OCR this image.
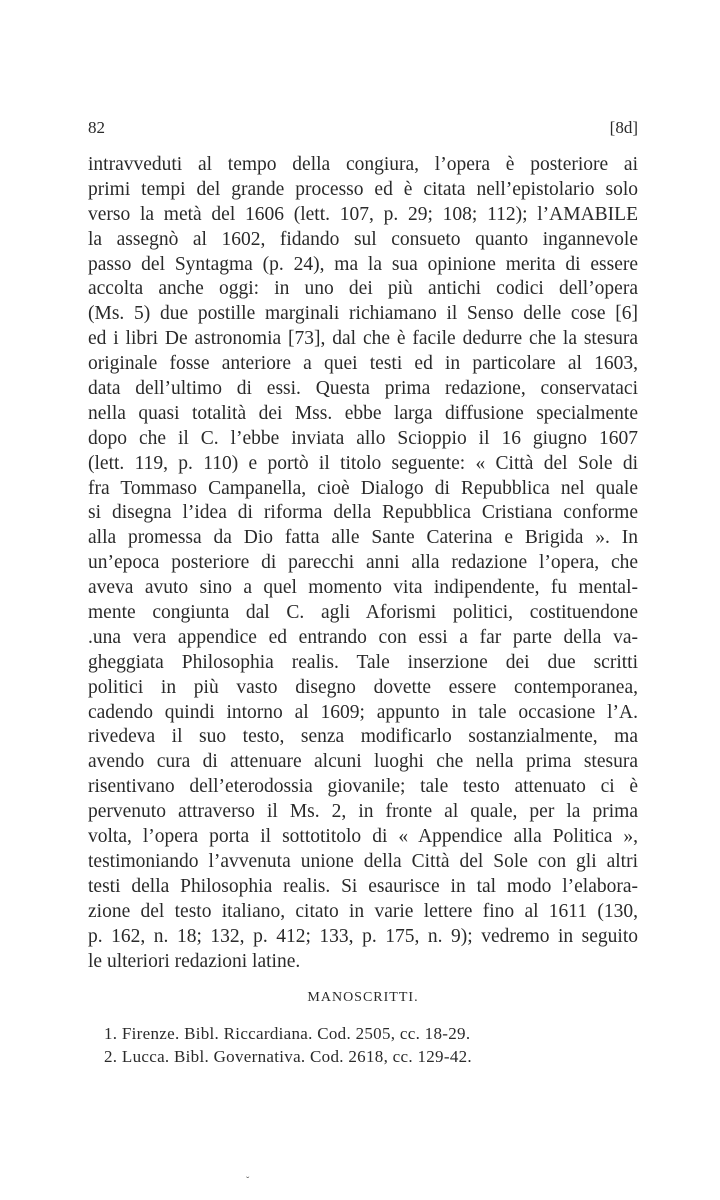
82	[8d]
intravveduti al tempo della congiura, l’opera è posteriore ai
primi tempi del grande processo ed è citata nell’epistolario solo
verso la metà del 1606 (lett. 107, p. 29; 108; 112); l’AMABILE
la assegnò al 1602, fidando sul consueto quanto ingannevole
passo del Syntagma (p. 24), ma la sua opinione merita di essere
accolta anche oggi: in uno dei più antichi codici dell’opera
(Ms. 5) due postille marginali richiamano il Senso delle cose [6]
ed i libri De astronomia [73], dal che è facile dedurre che la stesura
originale fosse anteriore a quei testi ed in particolare al 1603,
data dell’ultimo di essi. Questa prima redazione, conservataci
nella quasi totalità dei Mss. ebbe larga diffusione specialmente
dopo che il C. l’ebbe inviata allo Scioppio il 16 giugno 1607
(lett. 119, p. 110) e portò il titolo seguente: « Città del Sole di
fra Tommaso Campanella, cioè Dialogo di Repubblica nel quale
si disegna l’idea di riforma della Repubblica Cristiana conforme
alla promessa da Dio fatta alle Sante Caterina e Brigida ». In
un’epoca posteriore di parecchi anni alla redazione l’opera, che
aveva avuto sino a quel momento vita indipendente, fu mental-
mente congiunta dal C. agli Aforismi politici, costituendone
.una vera appendice ed entrando con essi a far parte della va-
gheggiata Philosophia realis. Tale inserzione dei due scritti
politici in più vasto disegno dovette essere contemporanea,
cadendo quindi intorno al 1609; appunto in tale occasione l’A.
rivedeva il suo testo, senza modificarlo sostanzialmente, ma
avendo cura di attenuare alcuni luoghi che nella prima stesura
risentivano dell’eterodossia giovanile; tale testo attenuato ci è
pervenuto attraverso il Ms. 2, in fronte al quale, per la prima
volta, l’opera porta il sottotitolo di « Appendice alla Politica »,
testimoniando l’avvenuta unione della Città del Sole con gli altri
testi della Philosophia realis. Si esaurisce in tal modo l’elabora-
zione del testo italiano, citato in varie lettere fino al 1611 (130,
p. 162, n. 18; 132, p. 412; 133, p. 175, n. 9); vedremo in seguito
le ulteriori redazioni latine.
MANOSCRITTI.
1. Firenze. Bibl. Riccardiana. Cod. 2505, cc. 18-29.
2. Lucca. Bibl. Governativa. Cod. 2618, cc. 129-42.
ˇ
